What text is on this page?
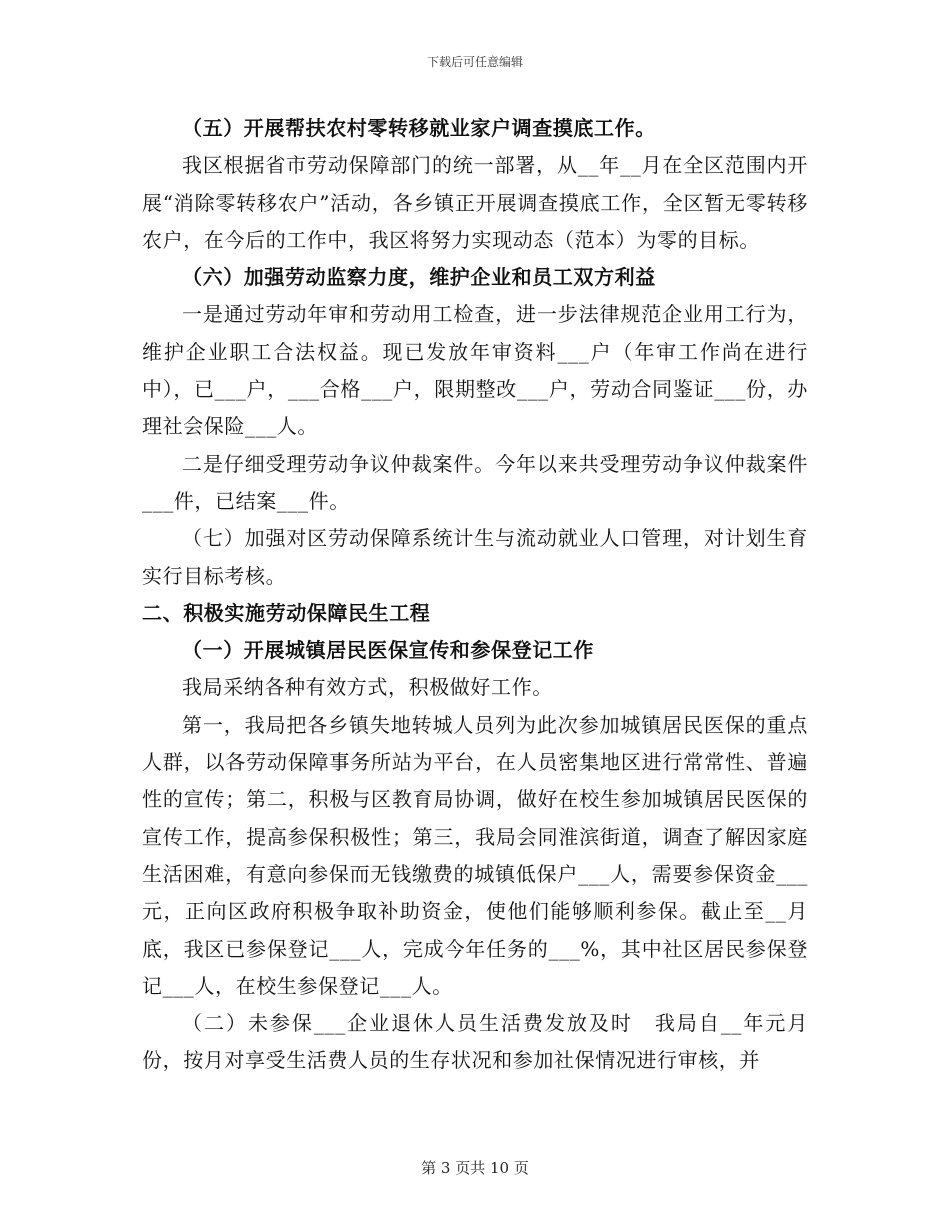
下载后可任意编辑

（五）开展帮扶农村零转移就业家户调查摸底工作。

我区根据省市劳动保障部门的统一部署，从__年__月在全区范围内开展“消除零转移农户”活动，各乡镇正开展调查摸底工作，全区暂无零转移农户，在今后的工作中，我区将努力实现动态（范本）为零的目标。

（六）加强劳动监察力度，维护企业和员工双方利益

一是通过劳动年审和劳动用工检查，进一步法律规范企业用工行为，维护企业职工合法权益。现已发放年审资料___户（年审工作尚在进行中），已___户，___合格___户，限期整改___户，劳动合同鉴证___份，办理社会保险___人。

二是仔细受理劳动争议仲裁案件。今年以来共受理劳动争议仲裁案件___件，已结案___件。

（七）加强对区劳动保障系统计生与流动就业人口管理，对计划生育实行目标考核。

二、积极实施劳动保障民生工程

（一）开展城镇居民医保宣传和参保登记工作

我局采纳各种有效方式，积极做好工作。

第一，我局把各乡镇失地转城人员列为此次参加城镇居民医保的重点人群，以各劳动保障事务所站为平台，在人员密集地区进行常常性、普遍性的宣传；第二，积极与区教育局协调，做好在校生参加城镇居民医保的宣传工作，提高参保积极性；第三，我局会同淮滨街道，调查了解因家庭生活困难，有意向参保而无钱缴费的城镇低保户___人，需要参保资金___元，正向区政府积极争取补助资金，使他们能够顺利参保。截止至__月底，我区已参保登记___人，完成今年任务的___%，其中社区居民参保登记___人，在校生参保登记___人。

（二）未参保___企业退休人员生活费发放及时　我局自__年元月份，按月对享受生活费人员的生存状况和参加社保情况进行审核，并

第 3 页共 10 页
